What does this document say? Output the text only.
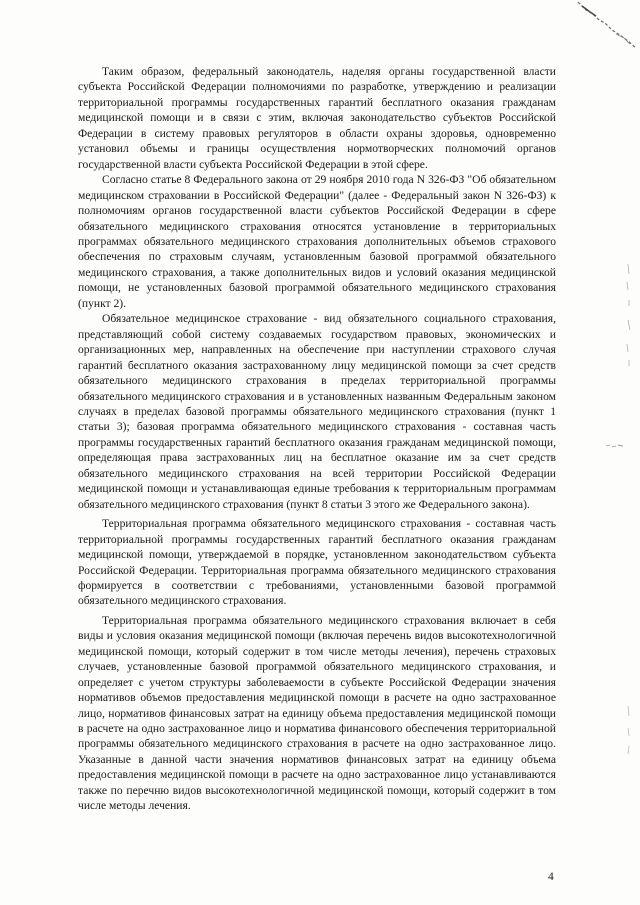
Таким образом, федеральный законодатель, наделяя органы государственной власти субъекта Российской Федерации полномочиями по разработке, утверждению и реализации территориальной программы государственных гарантий бесплатного оказания гражданам медицинской помощи и в связи с этим, включая законодательство субъектов Российской Федерации в систему правовых регуляторов в области охраны здоровья, одновременно установил объемы и границы осуществления нормотворческих полномочий органов государственной власти субъекта Российской Федерации в этой сфере.

Согласно статье 8 Федерального закона от 29 ноября 2010 года N 326-ФЗ "Об обязательном медицинском страховании в Российской Федерации" (далее - Федеральный закон N 326-ФЗ) к полномочиям органов государственной власти субъектов Российской Федерации в сфере обязательного медицинского страхования относятся установление в территориальных программах обязательного медицинского страхования дополнительных объемов страхового обеспечения по страховым случаям, установленным базовой программой обязательного медицинского страхования, а также дополнительных видов и условий оказания медицинской помощи, не установленных базовой программой обязательного медицинского страхования (пункт 2).

Обязательное медицинское страхование - вид обязательного социального страхования, представляющий собой систему создаваемых государством правовых, экономических и организационных мер, направленных на обеспечение при наступлении страхового случая гарантий бесплатного оказания застрахованному лицу медицинской помощи за счет средств обязательного медицинского страхования в пределах территориальной программы обязательного медицинского страхования и в установленных названным Федеральным законом случаях в пределах базовой программы обязательного медицинского страхования (пункт 1 статьи 3); базовая программа обязательного медицинского страхования - составная часть программы государственных гарантий бесплатного оказания гражданам медицинской помощи, определяющая права застрахованных лиц на бесплатное оказание им за счет средств обязательного медицинского страхования на всей территории Российской Федерации медицинской помощи и устанавливающая единые требования к территориальным программам обязательного медицинского страхования (пункт 8 статьи 3 этого же Федерального закона).

Территориальная программа обязательного медицинского страхования - составная часть территориальной программы государственных гарантий бесплатного оказания гражданам медицинской помощи, утверждаемой в порядке, установленном законодательством субъекта Российской Федерации. Территориальная программа обязательного медицинского страхования формируется в соответствии с требованиями, установленными базовой программой обязательного медицинского страхования.

Территориальная программа обязательного медицинского страхования включает в себя виды и условия оказания медицинской помощи (включая перечень видов высокотехнологичной медицинской помощи, который содержит в том числе методы лечения), перечень страховых случаев, установленные базовой программой обязательного медицинского страхования, и определяет с учетом структуры заболеваемости в субъекте Российской Федерации значения нормативов объемов предоставления медицинской помощи в расчете на одно застрахованное лицо, нормативов финансовых затрат на единицу объема предоставления медицинской помощи в расчете на одно застрахованное лицо и норматива финансового обеспечения территориальной программы обязательного медицинского страхования в расчете на одно застрахованное лицо. Указанные в данной части значения нормативов финансовых затрат на единицу объема предоставления медицинской помощи в расчете на одно застрахованное лицо устанавливаются также по перечню видов высокотехнологичной медицинской помощи, который содержит в том числе методы лечения.

4
